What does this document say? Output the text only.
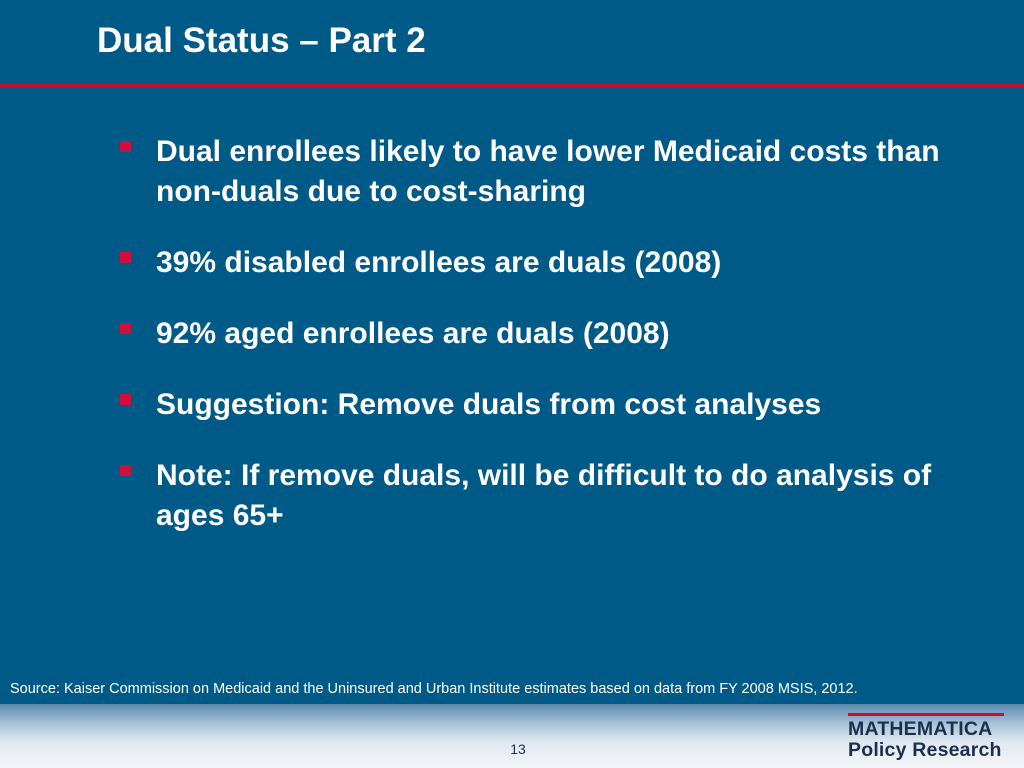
Dual Status – Part 2
Dual enrollees likely to have lower Medicaid costs than non-duals due to cost-sharing
39% disabled enrollees are duals (2008)
92% aged enrollees are duals (2008)
Suggestion: Remove duals from cost analyses
Note: If remove duals, will be difficult to do analysis of ages 65+

Source: Kaiser Commission on Medicaid and the Uninsured and Urban Institute estimates based on data from FY 2008 MSIS, 2012.

13
MATHEMATICA
Policy Research
